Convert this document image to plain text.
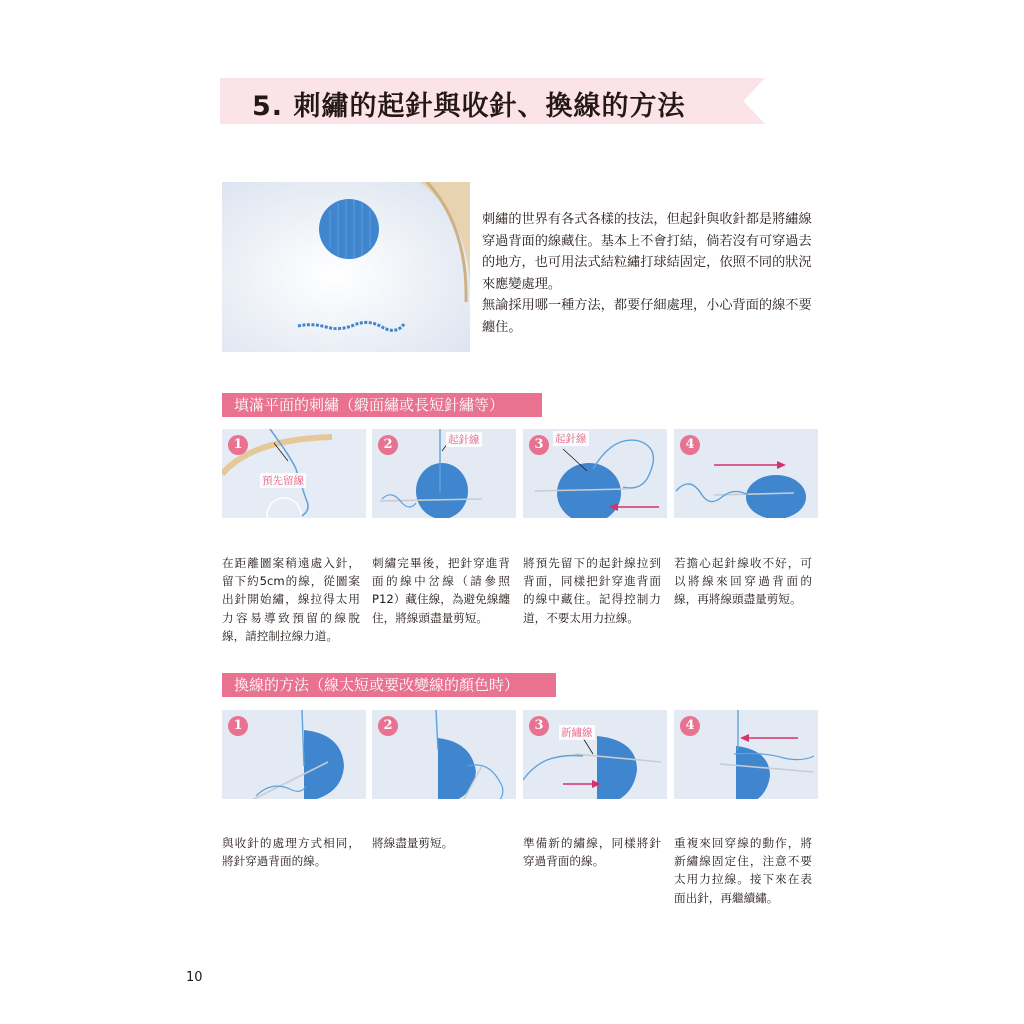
5. 刺繡的起針與收針、換線的方法

刺繡的世界有各式各樣的技法，但起針與收針都是將繡線穿過背面的線藏住。基本上不會打結，倘若沒有可穿過去的地方，也可用法式結粒繡打球結固定，依照不同的狀況來應變處理。

無論採用哪一種方法，都要仔細處理，小心背面的線不要纏住。

填滿平面的刺繡（緞面繡或長短針繡等）
1
預先留線
在距離圖案稍遠處入針，留下約5cm的線，從圖案出針開始繡，線拉得太用力容易導致預留的線脫線，請控制拉線力道。
2	起針線
刺繡完畢後，把針穿進背面的線中岔線（請參照P12）藏住線，為避免線纏住，將線頭盡量剪短。
3	起針線
將預先留下的起針線拉到背面，同樣把針穿進背面的線中藏住。記得控制力道，不要太用力拉線。
4
若擔心起針線收不好，可以將線來回穿過背面的線，再將線頭盡量剪短。
換線的方法（線太短或要改變線的顏色時）
1
與收針的處理方式相同，將針穿過背面的線。
2
將線盡量剪短。
3	新繡線
準備新的繡線，同樣將針穿過背面的線。
4
重複來回穿線的動作，將新繡線固定住，注意不要太用力拉線。接下來在表面出針，再繼續繡。
10
